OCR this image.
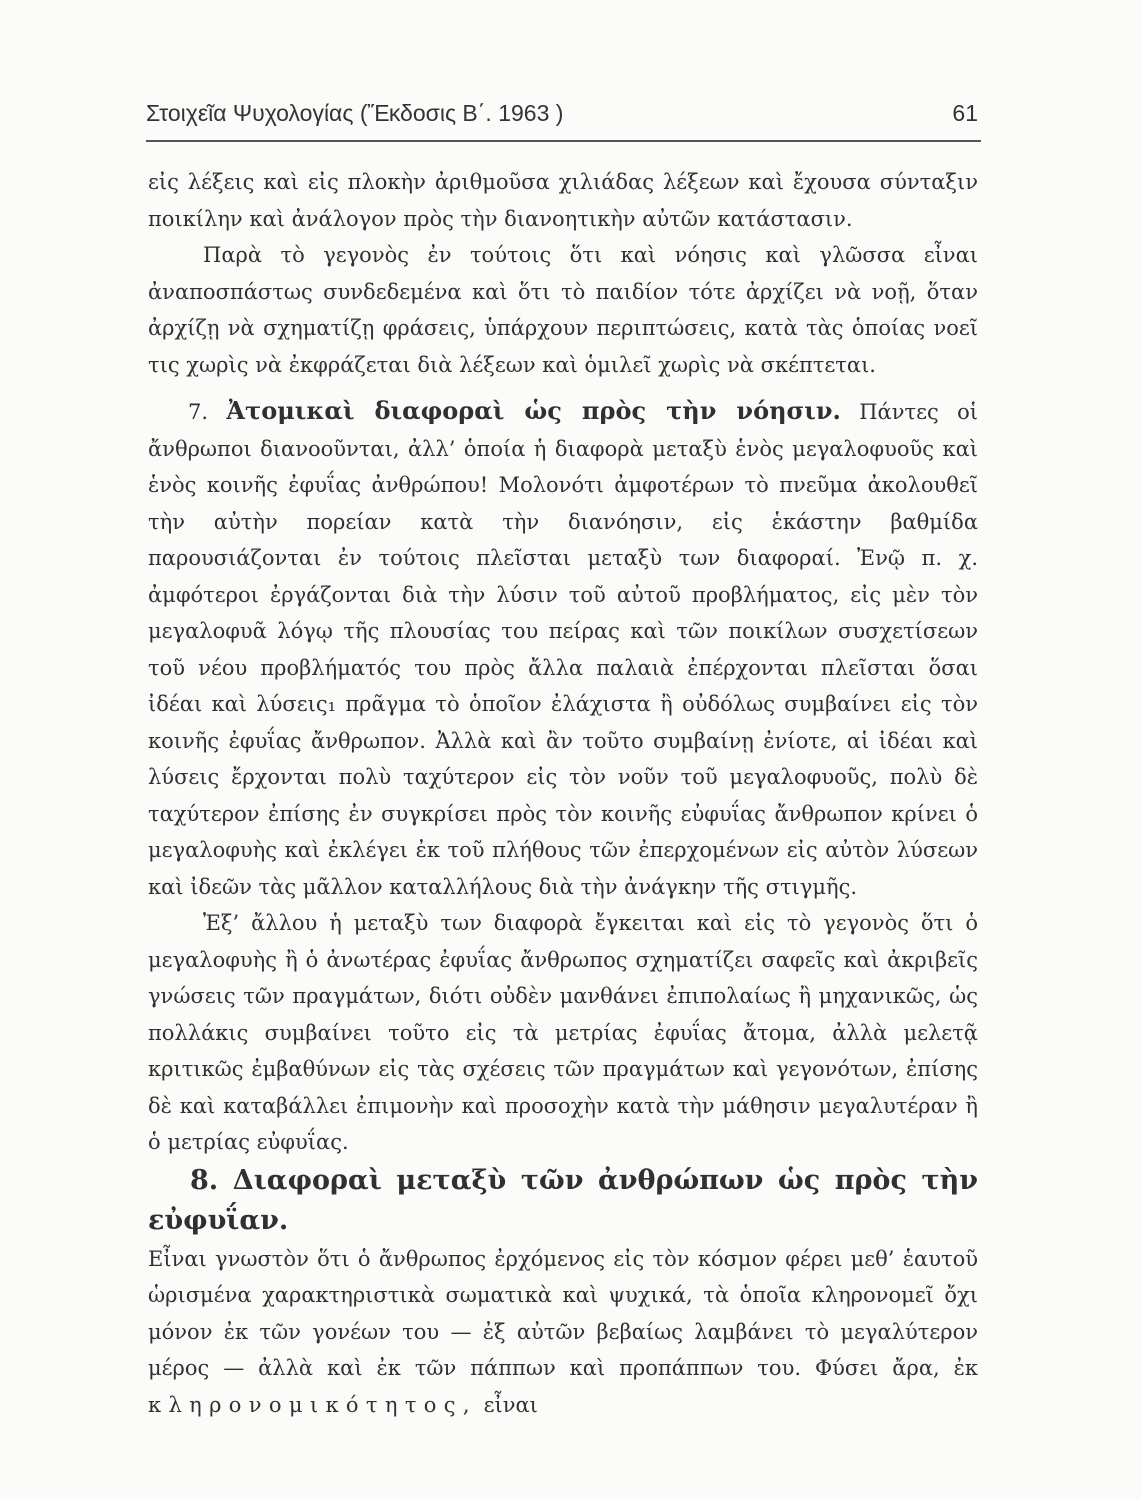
Στοιχεῖα Ψυχολογίας (Ἔκδοσις Β΄. 1963 )	61

εἰς λέξεις καὶ εἰς πλοκὴν ἀριθμοῦσα χιλιάδας λέξεων καὶ ἔχουσα σύνταξιν ποικίλην καὶ ἀνάλογον πρὸς τὴν διανοητικὴν αὐτῶν κατάστασιν.

Παρὰ τὸ γεγονὸς ἐν τούτοις ὅτι καὶ νόησις καὶ γλῶσσα εἶναι ἀναποσπάστως συνδεδεμένα καὶ ὅτι τὸ παιδίον τότε ἀρχίζει νὰ νοῇ, ὅταν ἀρχίζῃ νὰ σχηματίζῃ φράσεις, ὑπάρχουν περιπτώσεις, κατὰ τὰς ὁποίας νοεῖ τις χωρὶς νὰ ἐκφράζεται διὰ λέξεων καὶ ὁμιλεῖ χωρὶς νὰ σκέπτεται.

7. Ἀτομικαὶ διαφοραὶ ὡς πρὸς τὴν νόησιν. Πάντες οἱ ἄνθρωποι διανοοῦνται, ἀλλ’ ὁποία ἡ διαφορὰ μεταξὺ ἑνὸς μεγαλοφυοῦς καὶ ἑνὸς κοινῆς ἐφυΐας ἀνθρώπου! Μολονότι ἀμφοτέρων τὸ πνεῦμα ἀκολουθεῖ τὴν αὐτὴν πορείαν κατὰ τὴν διανόησιν, εἰς ἑκάστην βαθμίδα παρουσιάζονται ἐν τούτοις πλεῖσται μεταξὺ των διαφοραί. Ἐνῷ π. χ. ἀμφότεροι ἐργάζονται διὰ τὴν λύσιν τοῦ αὐτοῦ προβλήματος, εἰς μὲν τὸν μεγαλοφυᾶ λόγῳ τῆς πλουσίας του πείρας καὶ τῶν ποικίλων συσχετίσεων τοῦ νέου προβλήματός του πρὸς ἄλλα παλαιὰ ἐπέρχονται πλεῖσται ὅσαι ἰδέαι καὶ λύσεις₁ πρᾶγμα τὸ ὁποῖον ἐλάχιστα ἢ οὐδόλως συμβαίνει εἰς τὸν κοινῆς ἐφυΐας ἄνθρωπον. Ἀλλὰ καὶ ἂν τοῦτο συμβαίνῃ ἐνίοτε, αἱ ἰδέαι καὶ λύσεις ἔρχονται πολὺ ταχύτερον εἰς τὸν νοῦν τοῦ μεγαλοφυοῦς, πολὺ δὲ ταχύτερον ἐπίσης ἐν συγκρίσει πρὸς τὸν κοινῆς εὐφυΐας ἄνθρωπον κρίνει ὁ μεγαλοφυὴς καὶ ἐκλέγει ἐκ τοῦ πλήθους τῶν ἐπερχομένων εἰς αὐτὸν λύσεων καὶ ἰδεῶν τὰς μᾶλλον καταλλήλους διὰ τὴν ἀνάγκην τῆς στιγμῆς.

Ἐξ’ ἄλλου ἡ μεταξὺ των διαφορὰ ἔγκειται καὶ εἰς τὸ γεγονὸς ὅτι ὁ μεγαλοφυὴς ἢ ὁ ἀνωτέρας ἐφυΐας ἄνθρωπος σχηματίζει σαφεῖς καὶ ἀκριβεῖς γνώσεις τῶν πραγμάτων, διότι οὐδὲν μανθάνει ἐπιπολαίως ἢ μηχανικῶς, ὡς πολλάκις συμβαίνει τοῦτο εἰς τὰ μετρίας ἐφυΐας ἄτομα, ἀλλὰ μελετᾷ κριτικῶς ἐμβαθύνων εἰς τὰς σχέσεις τῶν πραγμάτων καὶ γεγονότων, ἐπίσης δὲ καὶ καταβάλλει ἐπιμονὴν καὶ προσοχὴν κατὰ τὴν μάθησιν μεγαλυτέραν ἢ ὁ μετρίας εὐφυΐας.

8. Διαφοραὶ μεταξὺ τῶν ἀνθρώπων ὡς πρὸς τὴν εὐφυΐαν.

Εἶναι γνωστὸν ὅτι ὁ ἄνθρωπος ἐρχόμενος εἰς τὸν κόσμον φέρει μεθ’ ἑαυτοῦ ὡρισμένα χαρακτηριστικὰ σωματικὰ καὶ ψυχικά, τὰ ὁποῖα κληρονομεῖ ὄχι μόνον ἐκ τῶν γονέων του — ἐξ αὐτῶν βεβαίως λαμβάνει τὸ μεγαλύτερον μέρος — ἀλλὰ καὶ ἐκ τῶν πάππων καὶ προπάππων του. Φύσει ἄρα, ἐκ κληρονομικότητος, εἶναι
